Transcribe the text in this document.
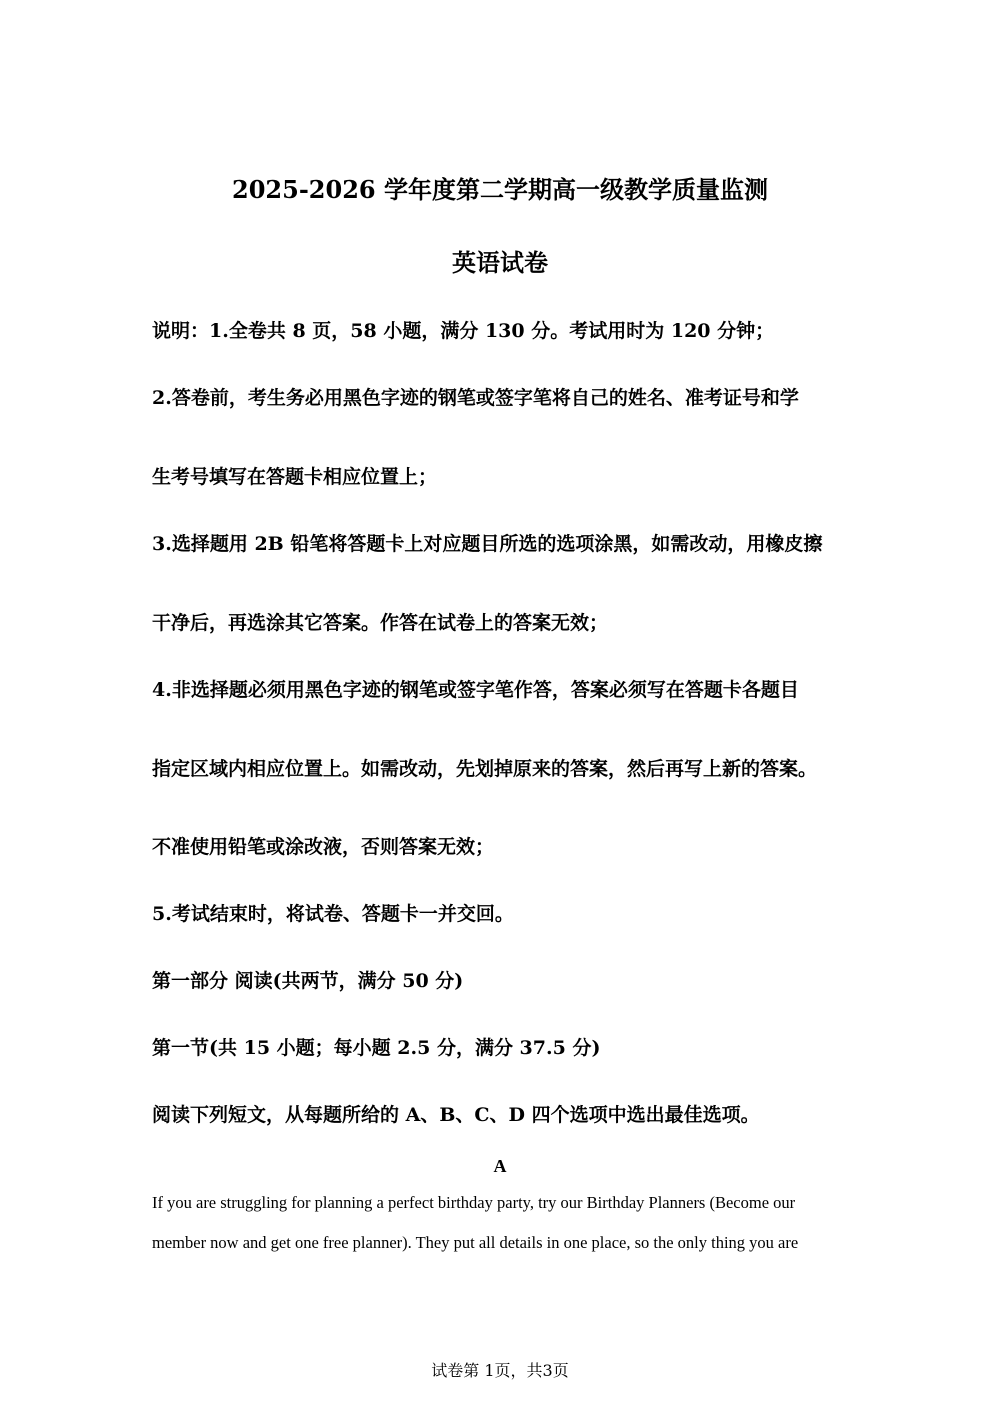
2025-2026 学年度第二学期高一级教学质量监测
英语试卷
说明：1.全卷共 8 页，58 小题，满分 130 分。考试用时为 120 分钟；
2.答卷前，考生务必用黑色字迹的钢笔或签字笔将自己的姓名、准考证号和学
生考号填写在答题卡相应位置上；
3.选择题用 2B 铅笔将答题卡上对应题目所选的选项涂黑，如需改动，用橡皮擦
干净后，再选涂其它答案。作答在试卷上的答案无效；
4.非选择题必须用黑色字迹的钢笔或签字笔作答，答案必须写在答题卡各题目
指定区域内相应位置上。如需改动，先划掉原来的答案，然后再写上新的答案。
不准使用铅笔或涂改液，否则答案无效；
5.考试结束时，将试卷、答题卡一并交回。
第一部分 阅读(共两节，满分 50 分)
第一节(共 15 小题；每小题 2.5 分，满分 37.5 分)
阅读下列短文，从每题所给的 A、B、C、D 四个选项中选出最佳选项。
A
If you are struggling for planning a perfect birthday party, try our Birthday Planners (Become our
member now and get one free planner). They put all details in one place, so the only thing you are
试卷第 1页，共3页
